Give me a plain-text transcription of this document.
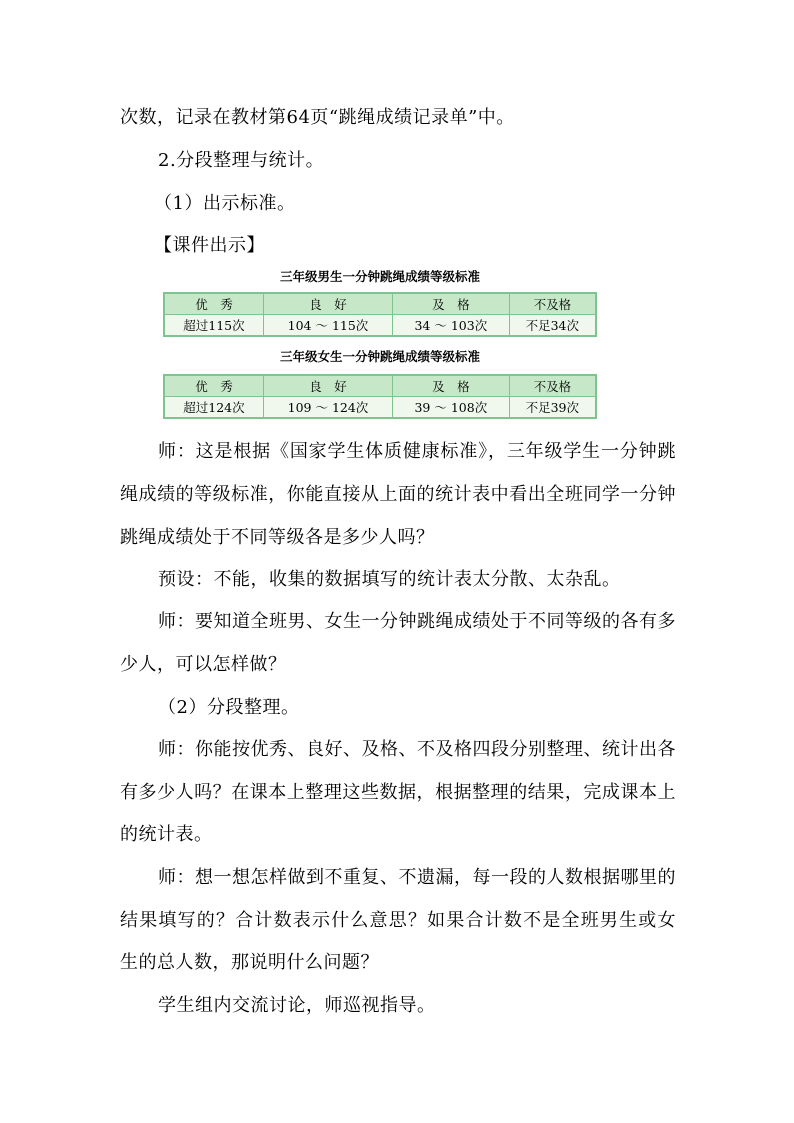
次数，记录在教材第64页“跳绳成绩记录单”中。

2.分段整理与统计。

（1）出示标准。

【课件出示】

三年级男生一分钟跳绳成绩等级标准
优　秀	良　好	及　格	不及格
超过115次	104 ～ 115次	34 ～ 103次	不足34次
三年级女生一分钟跳绳成绩等级标准
优　秀	良　好	及　格	不及格
超过124次	109 ～ 124次	39 ～ 108次	不足39次

师：这是根据《国家学生体质健康标准》，三年级学生一分钟跳

绳成绩的等级标准，你能直接从上面的统计表中看出全班同学一分钟

跳绳成绩处于不同等级各是多少人吗？

预设：不能，收集的数据填写的统计表太分散、太杂乱。

师：要知道全班男、女生一分钟跳绳成绩处于不同等级的各有多

少人，可以怎样做？

（2）分段整理。

师：你能按优秀、良好、及格、不及格四段分别整理、统计出各

有多少人吗？在课本上整理这些数据，根据整理的结果，完成课本上

的统计表。

师：想一想怎样做到不重复、不遗漏，每一段的人数根据哪里的

结果填写的？合计数表示什么意思？如果合计数不是全班男生或女

生的总人数，那说明什么问题？

学生组内交流讨论，师巡视指导。
